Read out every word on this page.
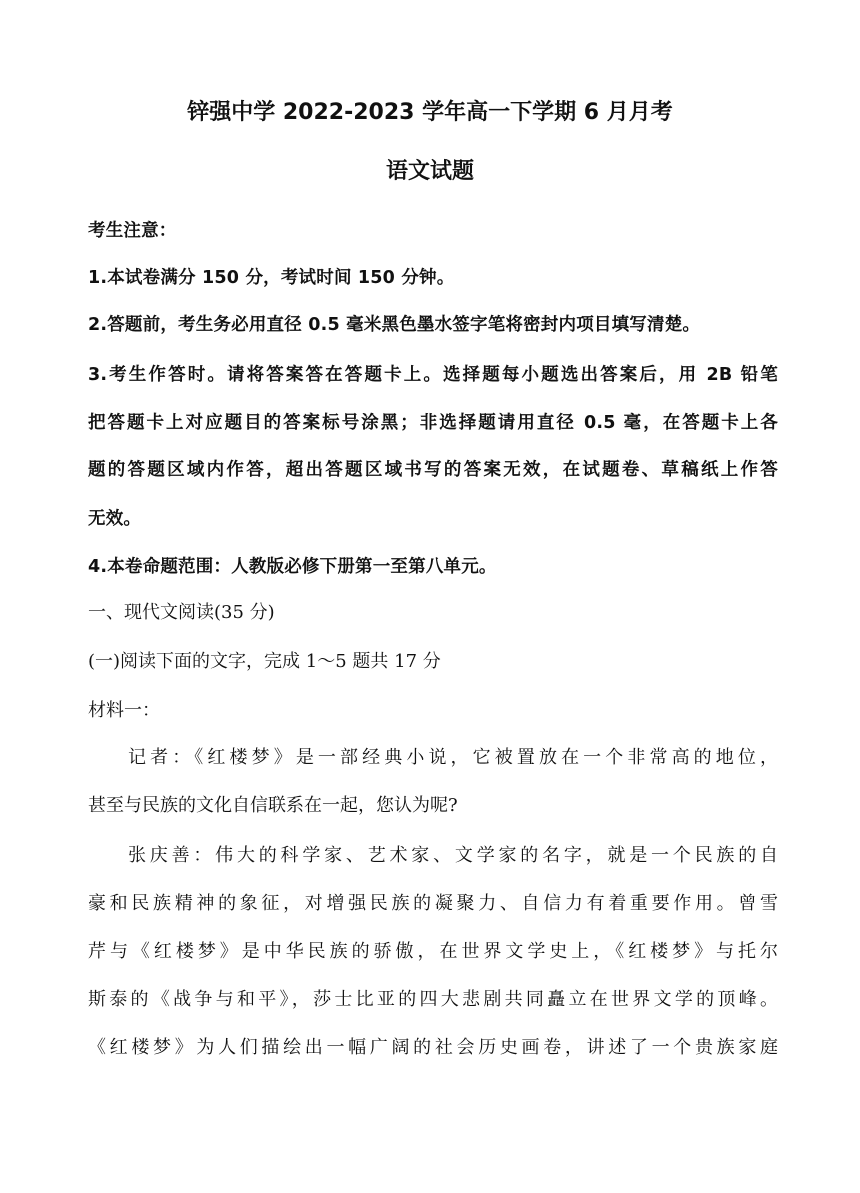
锌强中学 2022-2023 学年高一下学期 6 月月考
语文试题

考生注意：

1.本试卷满分 150 分，考试时间 150 分钟。

2.答题前，考生务必用直径 0.5 毫米黑色墨水签字笔将密封内项目填写清楚。

3.考生作答时。请将答案答在答题卡上。选择题每小题选出答案后，用 2B 铅笔

把答题卡上对应题目的答案标号涂黑；非选择题请用直径 0.5 毫，在答题卡上各

题的答题区域内作答，超出答题区域书写的答案无效，在试题卷、草稿纸上作答

无效。

4.本卷命题范围：人教版必修下册第一至第八单元。

一、现代文阅读(35 分)

(一)阅读下面的文字，完成 1～5 题共 17 分

材料一：

记者：《红楼梦》是一部经典小说，它被置放在一个非常高的地位，

甚至与民族的文化自信联系在一起，您认为呢?

张庆善：伟大的科学家、艺术家、文学家的名字，就是一个民族的自

豪和民族精神的象征，对增强民族的凝聚力、自信力有着重要作用。曾雪

芹与《红楼梦》是中华民族的骄傲，在世界文学史上，《红楼梦》与托尔

斯泰的《战争与和平》，莎士比亚的四大悲剧共同矗立在世界文学的顶峰。

《红楼梦》为人们描绘出一幅广阔的社会历史画卷，讲述了一个贵族家庭
